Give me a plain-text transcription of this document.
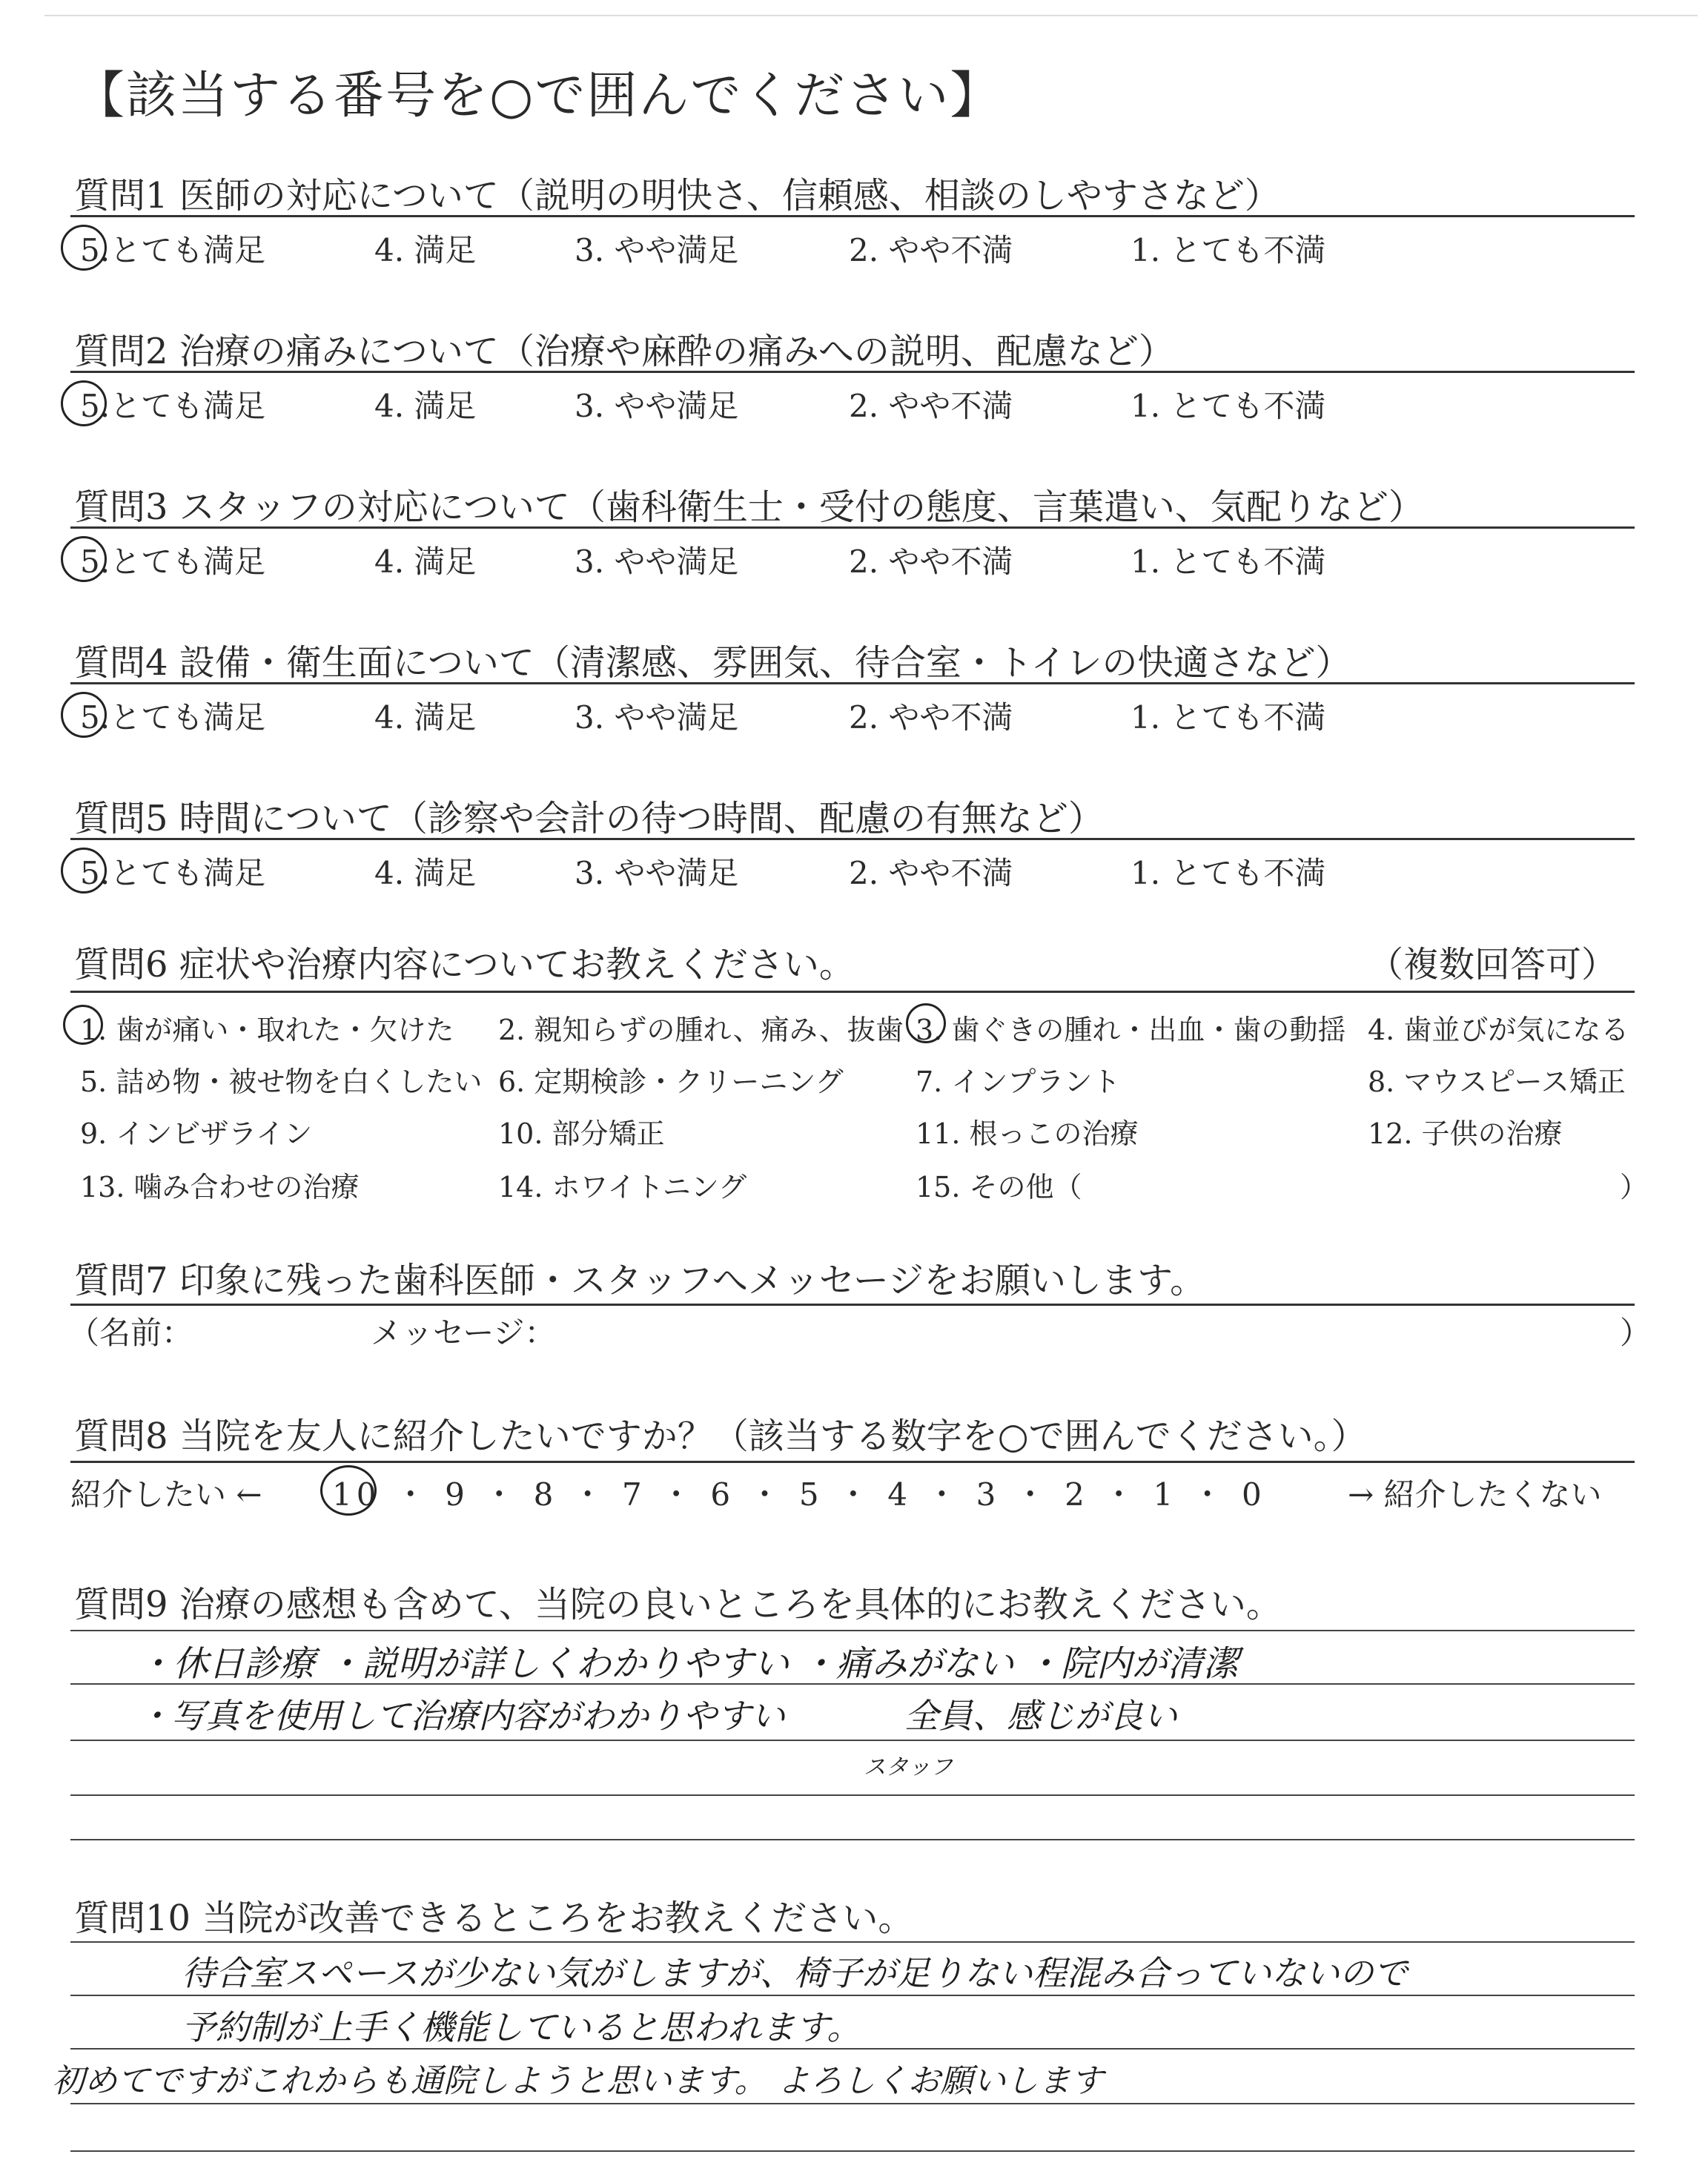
【該当する番号を○で囲んでください】
質問1 医師の対応について（説明の明快さ、信頼感、相談のしやすさなど）
5.とても満足	4. 満足	3. やや満足	2. やや不満	1. とても不満
質問2 治療の痛みについて（治療や麻酔の痛みへの説明、配慮など）
5.とても満足	4. 満足	3. やや満足	2. やや不満	1. とても不満
質問3 スタッフの対応について（歯科衛生士・受付の態度、言葉遣い、気配りなど）
5.とても満足	4. 満足	3. やや満足	2. やや不満	1. とても不満
質問4 設備・衛生面について（清潔感、雰囲気、待合室・トイレの快適さなど）
5.とても満足	4. 満足	3. やや満足	2. やや不満	1. とても不満
質問5 時間について（診察や会計の待つ時間、配慮の有無など）
5.とても満足	4. 満足	3. やや満足	2. やや不満	1. とても不満
質問6 症状や治療内容についてお教えください。	（複数回答可）
1. 歯が痛い・取れた・欠けた 2. 親知らずの腫れ、痛み、抜歯 3. 歯ぐきの腫れ・出血・歯の動揺 4. 歯並びが気になる
5. 詰め物・被せ物を白くしたい 6. 定期検診・クリーニング	7. インプラント	8. マウスピース矯正
9. インビザライン	10. 部分矯正	11. 根っこの治療	12. 子供の治療
13. 噛み合わせの治療	14. ホワイトニング	15. その他（	）
質問7 印象に残った歯科医師・スタッフへメッセージをお願いします。
（名前：	メッセージ：	）
質問8 当院を友人に紹介したいですか？（該当する数字を○で囲んでください。）
紹介したい ← 10 ・ 9 ・ 8 ・ 7 ・ 6 ・ 5 ・ 4 ・ 3 ・ 2 ・ 1 ・ 0	→ 紹介したくない
質問9 治療の感想も含めて、当院の良いところを具体的にお教えください。
・休日診療 ・説明が詳しくわかりやすい ・痛みがない ・院内が清潔
・写真を使用して治療内容がわかりやすい	全員、感じが良い
スタッフ
質問10 当院が改善できるところをお教えください。
待合室スペースが少ない気がしますが、椅子が足りない程混み合っていないので
予約制が上手く機能していると思われます。
初めてですがこれからも通院しようと思います。 よろしくお願いします
